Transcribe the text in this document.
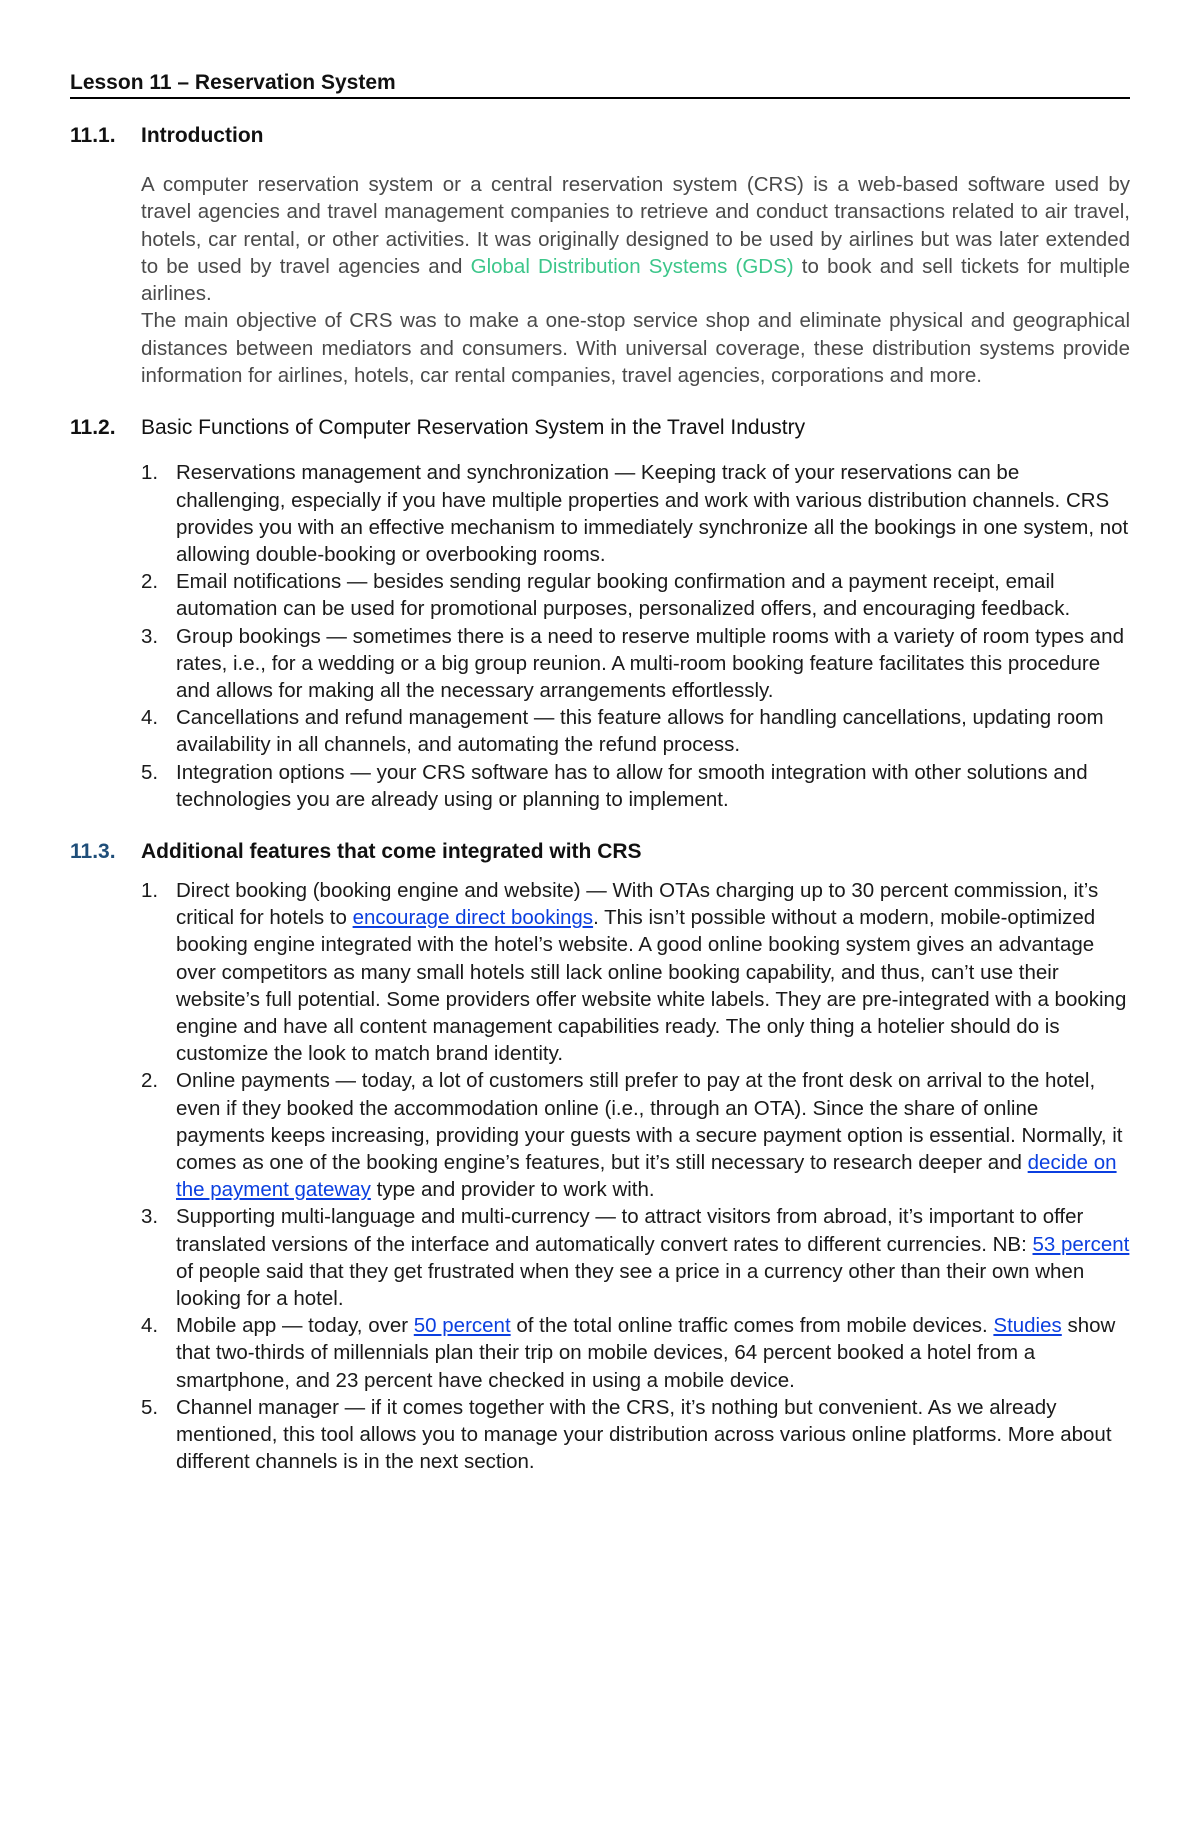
Lesson 11 – Reservation System
11.1.	Introduction

A computer reservation system or a central reservation system (CRS) is a web-based software used by travel agencies and travel management companies to retrieve and conduct transactions related to air travel, hotels, car rental, or other activities. It was originally designed to be used by airlines but was later extended to be used by travel agencies and Global Distribution Systems (GDS) to book and sell tickets for multiple airlines.

The main objective of CRS was to make a one-stop service shop and eliminate physical and geographical distances between mediators and consumers. With universal coverage, these distribution systems provide information for airlines, hotels, car rental companies, travel agencies, corporations and more.

11.2.	Basic Functions of Computer Reservation System in the Travel Industry
1. Reservations management and synchronization — Keeping track of your reservations can be challenging, especially if you have multiple properties and work with various distribution channels. CRS provides you with an effective mechanism to immediately synchronize all the bookings in one system, not allowing double-booking or overbooking rooms.
2. Email notifications — besides sending regular booking confirmation and a payment receipt, email automation can be used for promotional purposes, personalized offers, and encouraging feedback.
3. Group bookings — sometimes there is a need to reserve multiple rooms with a variety of room types and rates, i.e., for a wedding or a big group reunion. A multi-room booking feature facilitates this procedure and allows for making all the necessary arrangements effortlessly.
4. Cancellations and refund management — this feature allows for handling cancellations, updating room availability in all channels, and automating the refund process.
5. Integration options — your CRS software has to allow for smooth integration with other solutions and technologies you are already using or planning to implement.
11.3.	Additional features that come integrated with CRS
1. Direct booking (booking engine and website) — With OTAs charging up to 30 percent commission, it’s critical for hotels to encourage direct bookings. This isn’t possible without a modern, mobile-optimized booking engine integrated with the hotel’s website. A good online booking system gives an advantage over competitors as many small hotels still lack online booking capability, and thus, can’t use their website’s full potential. Some providers offer website white labels. They are pre-integrated with a booking engine and have all content management capabilities ready. The only thing a hotelier should do is customize the look to match brand identity.
2. Online payments — today, a lot of customers still prefer to pay at the front desk on arrival to the hotel, even if they booked the accommodation online (i.e., through an OTA). Since the share of online payments keeps increasing, providing your guests with a secure payment option is essential. Normally, it comes as one of the booking engine’s features, but it’s still necessary to research deeper and decide on the payment gateway type and provider to work with.
3. Supporting multi-language and multi-currency — to attract visitors from abroad, it’s important to offer translated versions of the interface and automatically convert rates to different currencies. NB: 53 percent of people said that they get frustrated when they see a price in a currency other than their own when looking for a hotel.
4. Mobile app — today, over 50 percent of the total online traffic comes from mobile devices. Studies show that two-thirds of millennials plan their trip on mobile devices, 64 percent booked a hotel from a smartphone, and 23 percent have checked in using a mobile device.
5. Channel manager — if it comes together with the CRS, it’s nothing but convenient. As we already mentioned, this tool allows you to manage your distribution across various online platforms. More about different channels is in the next section.
